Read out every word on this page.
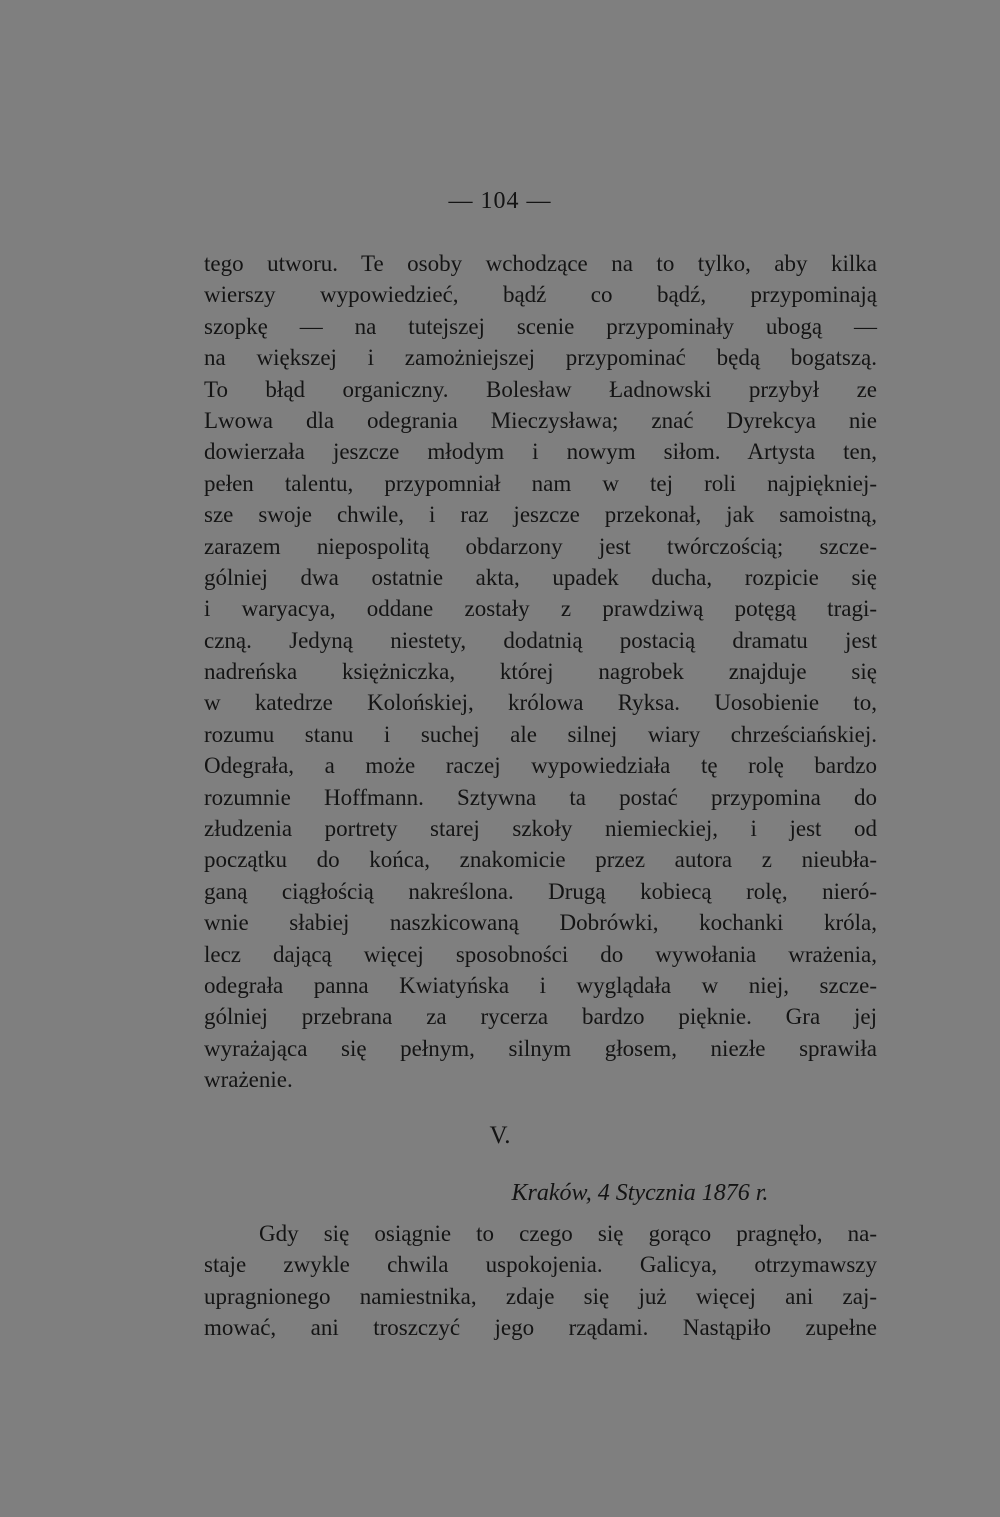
— 104 —
tego utworu. Te osoby wchodzące na to tylko, aby kilka
wierszy wypowiedzieć, bądź co bądź, przypominają
szopkę — na tutejszej scenie przypominały ubogą —
na większej i zamożniejszej przypominać będą bogatszą.
To błąd organiczny. Bolesław Ładnowski przybył ze
Lwowa dla odegrania Mieczysława; znać Dyrekcya nie
dowierzała jeszcze młodym i nowym siłom. Artysta ten,
pełen talentu, przypomniał nam w tej roli najpiękniej-
sze swoje chwile, i raz jeszcze przekonał, jak samoistną,
zarazem niepospolitą obdarzony jest twórczością; szcze-
gólniej dwa ostatnie akta, upadek ducha, rozpicie się
i waryacya, oddane zostały z prawdziwą potęgą tragi-
czną. Jedyną niestety, dodatnią postacią dramatu jest
nadreńska księżniczka, której nagrobek znajduje się
w katedrze Kolońskiej, królowa Ryksa. Uosobienie to,
rozumu stanu i suchej ale silnej wiary chrześciańskiej.
Odegrała, a może raczej wypowiedziała tę rolę bardzo
rozumnie Hoffmann. Sztywna ta postać przypomina do
złudzenia portrety starej szkoły niemieckiej, i jest od
początku do końca, znakomicie przez autora z nieubła-
ganą ciągłością nakreślona. Drugą kobiecą rolę, nieró-
wnie słabiej naszkicowaną Dobrówki, kochanki króla,
lecz dającą więcej sposobności do wywołania wrażenia,
odegrała panna Kwiatyńska i wyglądała w niej, szcze-
gólniej przebrana za rycerza bardzo pięknie. Gra jej
wyrażająca się pełnym, silnym głosem, niezłe sprawiła
wrażenie.
V.
Kraków, 4 Stycznia 1876 r.
Gdy się osiągnie to czego się gorąco pragnęło, na-
staje zwykle chwila uspokojenia. Galicya, otrzymawszy
upragnionego namiestnika, zdaje się już więcej ani zaj-
mować, ani troszczyć jego rządami. Nastąpiło zupełne
